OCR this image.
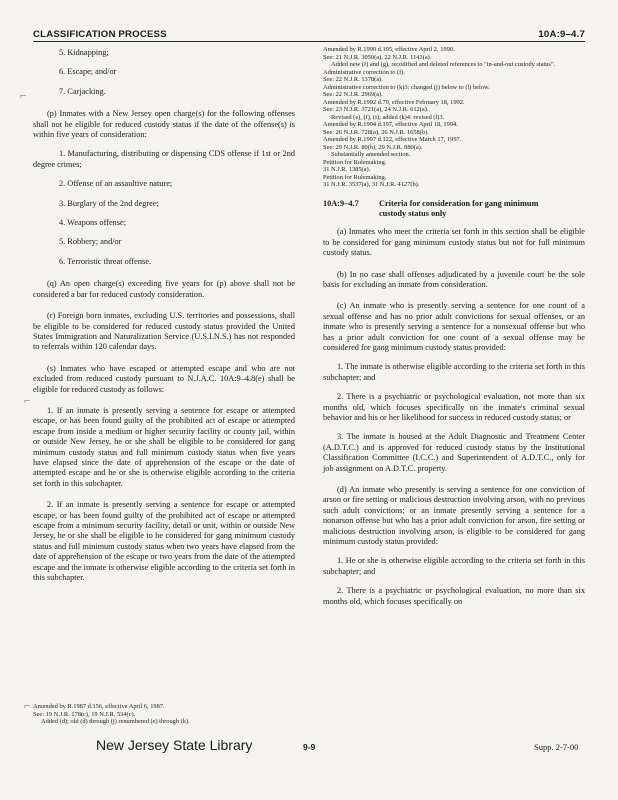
CLASSIFICATION PROCESS	10A:9–4.7
⌐
⌐
⌐

5. Kidnapping;

6. Escape; and/or

7. Carjacking.

(p) Inmates with a New Jersey open charge(s) for the following offenses shall not be eligible for reduced custody status if the date of the offense(s) is within five years of consideration:

1. Manufacturing, distributing or dispensing CDS offense if 1st or 2nd degree crimes;

2. Offense of an assaultive nature;

3. Burglary of the 2nd degree;

4. Weapons offense;

5. Robbery; and/or

6. Terroristic threat offense.

(q) An open charge(s) exceeding five years for (p) above shall not be considered a bar for reduced custody consideration.

(r) Foreign born inmates, excluding U.S. territories and possessions, shall be eligible to be considered for reduced custody status provided the United States Immigration and Naturalization Service (U.S.I.N.S.) has not responded to referrals within 120 calendar days.

(s) Inmates who have escaped or attempted escape and who are not excluded from reduced custody pursuant to N.J.A.C. 10A:9–4.8(e) shall be eligible for reduced custody as follows:

1. If an inmate is presently serving a sentence for escape or attempted escape, or has been found guilty of the prohibited act of escape or attempted escape from inside a medium or higher security facility or county jail, within or outside New Jersey, he or she shall be eligible to be considered for gang minimum custody status and full minimum custody status when five years have elapsed since the date of apprehension of the escape or the date of attempted escape and he or she is otherwise eligible according to the criteria set forth in this subchapter.

2. If an inmate is presently serving a sentence for escape or attempted escape, or has been found guilty of the prohibited act of escape or attempted escape from a minimum security facility, detail or unit, within or outside New Jersey, he or she shall be eligible to be considered for gang minimum custody status and full minimum custody status when two years have elapsed from the date of apprehension of the escape or two years from the date of the attempted escape and the inmate is otherwise eligible according to the criteria set forth in this subchapter.

Amended by R.1987 d.156, effective April 6, 1987.

See: 19 N.J.R. 178(c), 19 N.J.R. 534(c).

Added (d); old (d) through (j) renumbered (e) through (k).

Amended by R.1990 d.195, effective April 2, 1990.

See: 21 N.J.R. 3050(a), 22 N.J.R. 1143(a).

Added new (f) and (g), recodified and deleted references to "in-and-out custody status".

Administrative correction to (f).

See: 22 N.J.R. 1378(a).

Administrative correction to (k)3: changed (j) below to (l) below.

See: 22 N.J.R. 2969(a).

Amended by R.1992 d.79, effective February 18, 1992.

See: 23 N.J.R. 3721(a), 24 N.J.R. 612(a).

Revised (e), (f), (i); added (k)4: revised (l)3.

Amended by R.1994 d.197, effective April 18, 1994.

See: 26 N.J.R. 728(a), 26 N.J.R. 1658(b).

Amended by R.1997 d.122, effective March 17, 1997.

See: 29 N.J.R. 80(b), 29 N.J.R. 880(a).

Substantially amended section.

Petition for Rulemaking.

31 N.J.R. 1385(a).

Petition for Rulemaking.

31 N.J.R. 3537(a), 31 N.J.R. 4127(b).

10A:9–4.7 Criteria for consideration for gang minimum
custody status only

(a) Inmates who meet the criteria set forth in this section shall be eligible to be considered for gang minimum custody status but not for full minimum custody status.

(b) In no case shall offenses adjudicated by a juvenile court be the sole basis for excluding an inmate from consideration.

(c) An inmate who is presently serving a sentence for one count of a sexual offense and has no prior adult convictions for sexual offenses, or an inmate who is presently serving a sentence for a nonsexual offense but who has a prior adult conviction for one count of a sexual offense may be considered for gang minimum custody status provided:

1. The inmate is otherwise eligible according to the criteria set forth in this subchapter; and

2. There is a psychiatric or psychological evaluation, not more than six months old, which focuses specifically on the inmate's criminal sexual behavior and his or her likelihood for success in reduced custody status; or

3. The inmate is housed at the Adult Diagnostic and Treatment Center (A.D.T.C.) and is approved for reduced custody status by the Institutional Classification Committee (I.C.C.) and Superintendent of A.D.T.C., only for job assignment on A.D.T.C. property.

(d) An inmate who presently is serving a sentence for one conviction of arson or fire setting or malicious destruction involving arson, with no previous such adult convictions; or an inmate presently serving a sentence for a nonarson offense but who has a prior adult conviction for arson, fire setting or malicious destruction involving arson, is eligible to be considered for gang minimum custody status provided:

1. He or she is otherwise eligible according to the criteria set forth in this subchapter; and

2. There is a psychiatric or psychological evaluation, no more than six months old, which focuses specifically on

New Jersey State Library	9-9	Supp. 2-7-00
